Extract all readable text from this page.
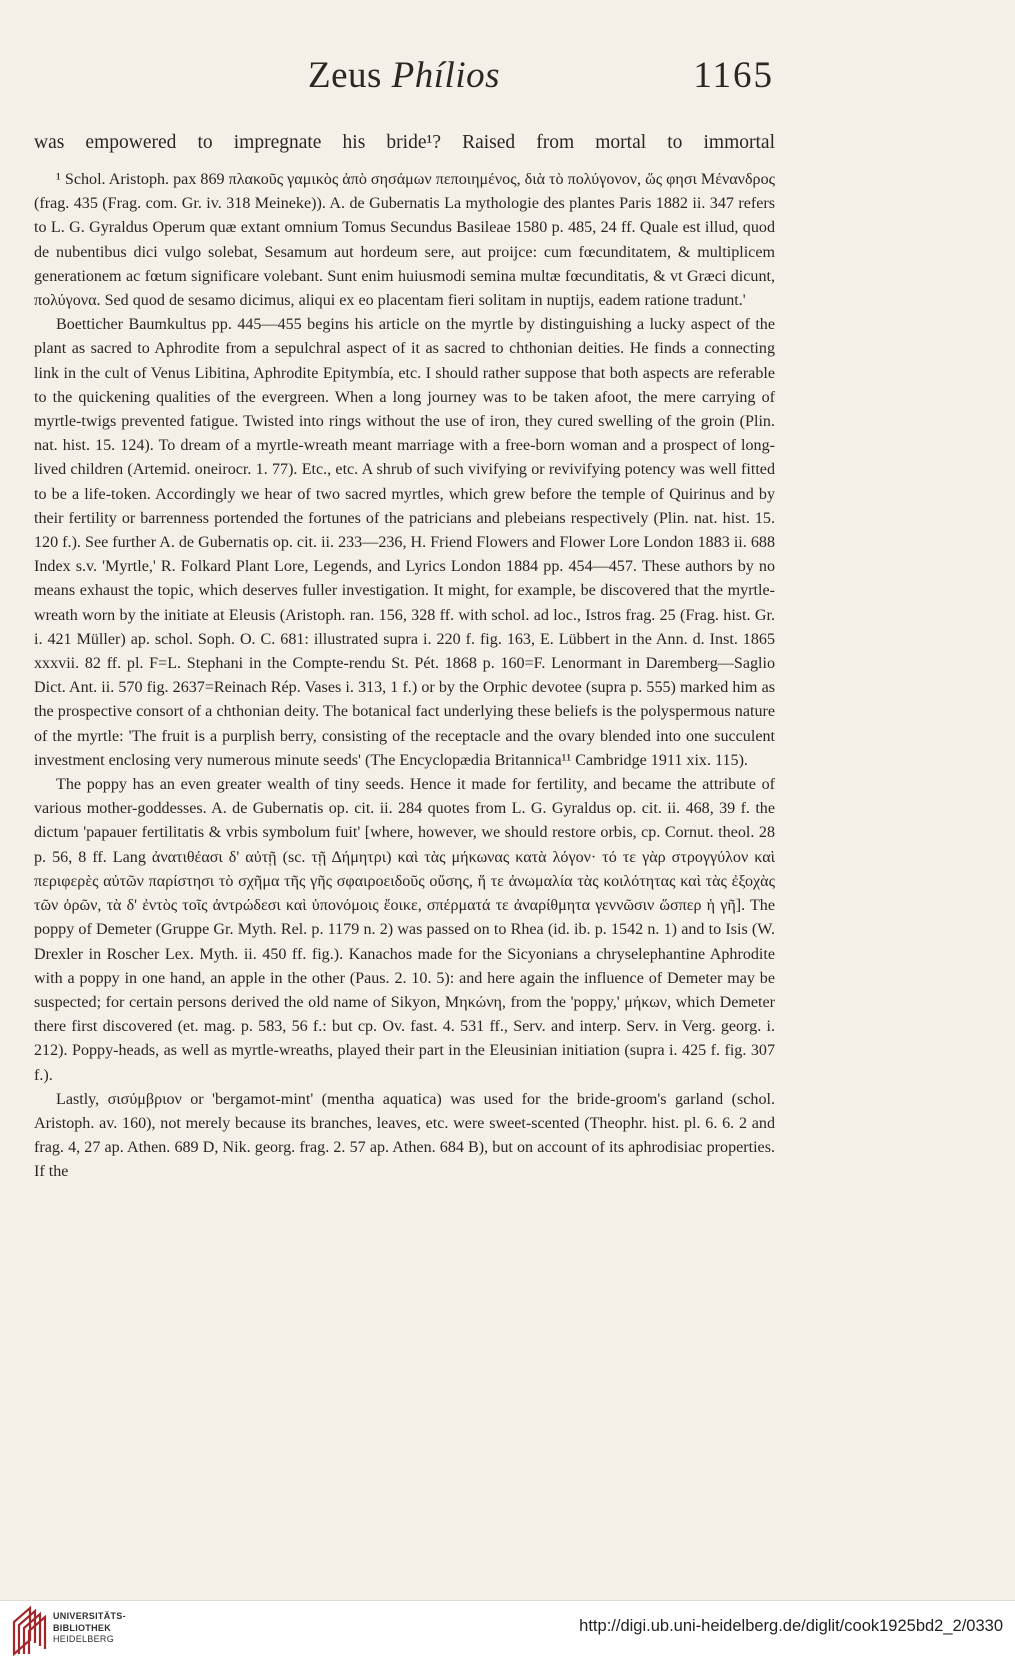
Zeus Phílios	1165

was empowered to impregnate his bride¹? Raised from mortal to immortal

¹ Schol. Aristoph. pax 869 πλακοῦς γαμικὸς ἀπὸ σησάμων πεποιημένος, διὰ τὸ πολύγονον, ὥς φησι Μένανδρος (frag. 435 (Frag. com. Gr. iv. 318 Meineke)). A. de Gubernatis La mythologie des plantes Paris 1882 ii. 347 refers to L. G. Gyraldus Operum quæ extant omnium Tomus Secundus Basileae 1580 p. 485, 24 ff. Quale est illud, quod de nubentibus dici vulgo solebat, Sesamum aut hordeum sere, aut proijce: cum fœcunditatem, & multiplicem generationem ac fœtum significare volebant. Sunt enim huiusmodi semina multæ fœcunditatis, & vt Græci dicunt, πολύγονα. Sed quod de sesamo dicimus, aliqui ex eo placentam fieri solitam in nuptijs, eadem ratione tradunt.'

Boetticher Baumkultus pp. 445—455 begins his article on the myrtle by distinguishing a lucky aspect of the plant as sacred to Aphrodite from a sepulchral aspect of it as sacred to chthonian deities. He finds a connecting link in the cult of Venus Libitina, Aphrodite Epitymbía, etc. I should rather suppose that both aspects are referable to the quickening qualities of the evergreen. When a long journey was to be taken afoot, the mere carrying of myrtle-twigs prevented fatigue. Twisted into rings without the use of iron, they cured swelling of the groin (Plin. nat. hist. 15. 124). To dream of a myrtle-wreath meant marriage with a free-born woman and a prospect of long-lived children (Artemid. oneirocr. 1. 77). Etc., etc. A shrub of such vivifying or revivifying potency was well fitted to be a life-token. Accordingly we hear of two sacred myrtles, which grew before the temple of Quirinus and by their fertility or barrenness portended the fortunes of the patricians and plebeians respectively (Plin. nat. hist. 15. 120 f.). See further A. de Gubernatis op. cit. ii. 233—236, H. Friend Flowers and Flower Lore London 1883 ii. 688 Index s.v. 'Myrtle,' R. Folkard Plant Lore, Legends, and Lyrics London 1884 pp. 454—457. These authors by no means exhaust the topic, which deserves fuller investigation. It might, for example, be discovered that the myrtle-wreath worn by the initiate at Eleusis (Aristoph. ran. 156, 328 ff. with schol. ad loc., Istros frag. 25 (Frag. hist. Gr. i. 421 Müller) ap. schol. Soph. O. C. 681: illustrated supra i. 220 f. fig. 163, E. Lübbert in the Ann. d. Inst. 1865 xxxvii. 82 ff. pl. F=L. Stephani in the Compte-rendu St. Pét. 1868 p. 160=F. Lenormant in Daremberg—Saglio Dict. Ant. ii. 570 fig. 2637=Reinach Rép. Vases i. 313, 1 f.) or by the Orphic devotee (supra p. 555) marked him as the prospective consort of a chthonian deity. The botanical fact underlying these beliefs is the polyspermous nature of the myrtle: 'The fruit is a purplish berry, consisting of the receptacle and the ovary blended into one succulent investment enclosing very numerous minute seeds' (The Encyclopædia Britannica¹¹ Cambridge 1911 xix. 115).

The poppy has an even greater wealth of tiny seeds. Hence it made for fertility, and became the attribute of various mother-goddesses. A. de Gubernatis op. cit. ii. 284 quotes from L. G. Gyraldus op. cit. ii. 468, 39 f. the dictum 'papauer fertilitatis & vrbis symbolum fuit' [where, however, we should restore orbis, cp. Cornut. theol. 28 p. 56, 8 ff. Lang ἀνατιθέασι δ' αὐτῇ (sc. τῇ Δήμητρι) καὶ τὰς μήκωνας κατὰ λόγον· τό τε γὰρ στρογγύλον καὶ περιφερὲς αὐτῶν παρίστησι τὸ σχῆμα τῆς γῆς σφαιροειδοῦς οὔσης, ἥ τε ἀνωμαλία τὰς κοιλότητας καὶ τὰς ἐξοχὰς τῶν ὀρῶν, τὰ δ' ἐντὸς τοῖς ἀντρώδεσι καὶ ὑπονόμοις ἔοικε, σπέρματά τε ἀναρίθμητα γεννῶσιν ὥσπερ ἡ γῆ]. The poppy of Demeter (Gruppe Gr. Myth. Rel. p. 1179 n. 2) was passed on to Rhea (id. ib. p. 1542 n. 1) and to Isis (W. Drexler in Roscher Lex. Myth. ii. 450 ff. fig.). Kanachos made for the Sicyonians a chryselephantine Aphrodite with a poppy in one hand, an apple in the other (Paus. 2. 10. 5): and here again the influence of Demeter may be suspected; for certain persons derived the old name of Sikyon, Μηκώνη, from the 'poppy,' μήκων, which Demeter there first discovered (et. mag. p. 583, 56 f.: but cp. Ov. fast. 4. 531 ff., Serv. and interp. Serv. in Verg. georg. i. 212). Poppy-heads, as well as myrtle-wreaths, played their part in the Eleusinian initiation (supra i. 425 f. fig. 307 f.).

Lastly, σισύμβριον or 'bergamot-mint' (mentha aquatica) was used for the bride-groom's garland (schol. Aristoph. av. 160), not merely because its branches, leaves, etc. were sweet-scented (Theophr. hist. pl. 6. 6. 2 and frag. 4, 27 ap. Athen. 689 D, Nik. georg. frag. 2. 57 ap. Athen. 684 B), but on account of its aphrodisiac properties. If the

UNIVERSITÄTS-
BIBLIOTHEK
HEIDELBERG
http://digi.ub.uni-heidelberg.de/diglit/cook1925bd2_2/0330
